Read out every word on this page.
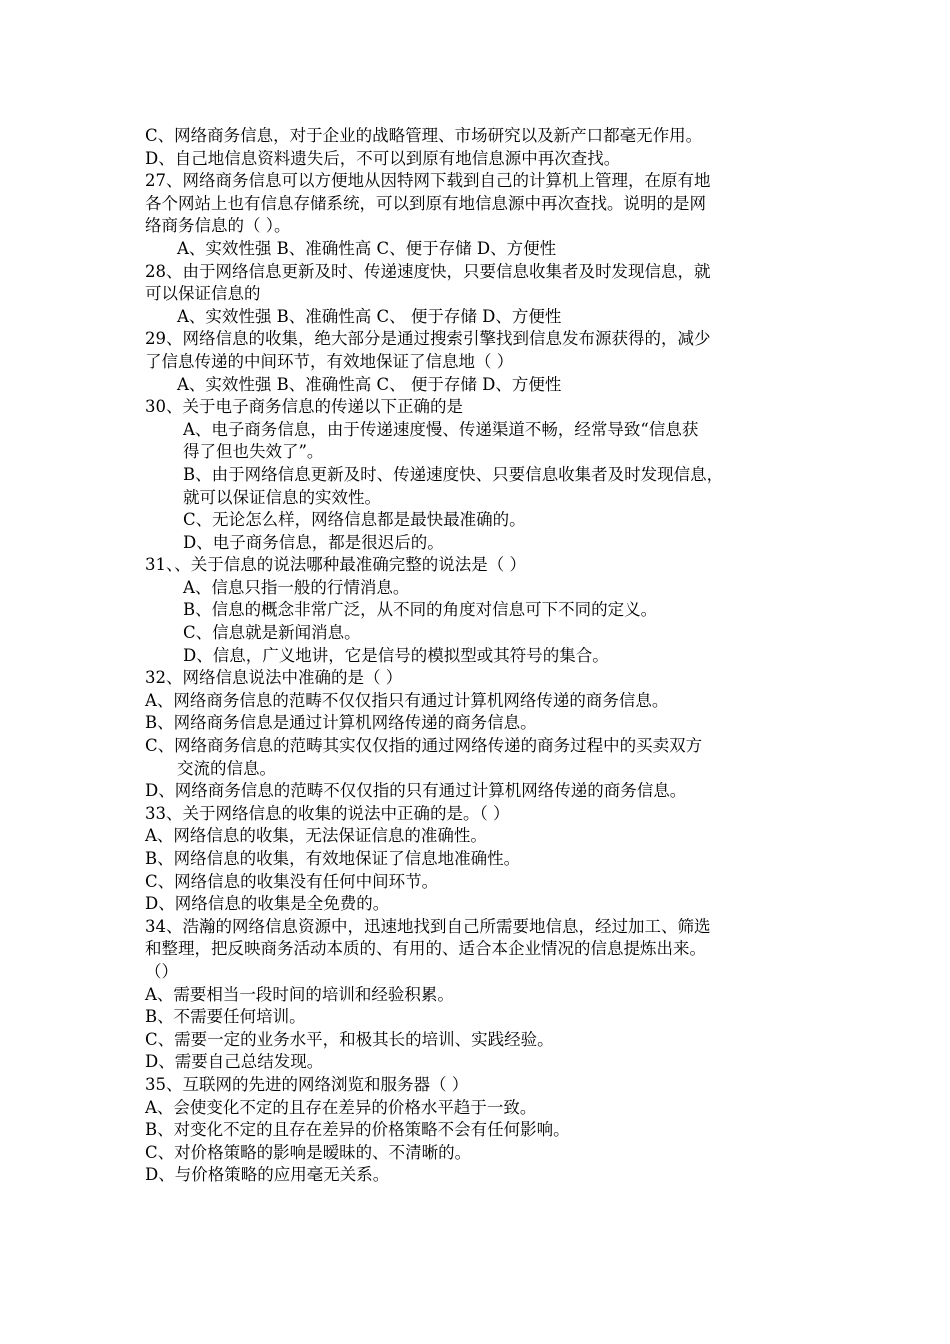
C、网络商务信息，对于企业的战略管理、市场研究以及新产口都毫无作用。
D、自己地信息资料遗失后，不可以到原有地信息源中再次查找。
27、网络商务信息可以方便地从因特网下载到自己的计算机上管理，在原有地
各个网站上也有信息存储系统，可以到原有地信息源中再次查找。说明的是网
络商务信息的（ ）。
A、实效性强 B、准确性高 C、便于存储 D、方便性
28、由于网络信息更新及时、传递速度快，只要信息收集者及时发现信息，就
可以保证信息的
A、实效性强 B、准确性高 C、 便于存储 D、方便性
29、网络信息的收集，绝大部分是通过搜索引擎找到信息发布源获得的，减少
了信息传递的中间环节，有效地保证了信息地（ ）
A、实效性强 B、准确性高 C、 便于存储 D、方便性
30、关于电子商务信息的传递以下正确的是
A、电子商务信息，由于传递速度慢、传递渠道不畅，经常导致“信息获
得了但也失效了”。
B、由于网络信息更新及时、传递速度快、只要信息收集者及时发现信息，
就可以保证信息的实效性。
C、无论怎么样，网络信息都是最快最准确的。
D、电子商务信息，都是很迟后的。
31、、关于信息的说法哪种最准确完整的说法是（ ）
A、信息只指一般的行情消息。
B、信息的概念非常广泛，从不同的角度对信息可下不同的定义。
C、信息就是新闻消息。
D、信息，广义地讲，它是信号的模拟型或其符号的集合。
32、网络信息说法中准确的是（ ）
A、网络商务信息的范畴不仅仅指只有通过计算机网络传递的商务信息。
B、网络商务信息是通过计算机网络传递的商务信息。
C、网络商务信息的范畴其实仅仅指的通过网络传递的商务过程中的买卖双方
交流的信息。
D、网络商务信息的范畴不仅仅指的只有通过计算机网络传递的商务信息。
33、关于网络信息的收集的说法中正确的是。（ ）
A、网络信息的收集，无法保证信息的准确性。
B、网络信息的收集，有效地保证了信息地准确性。
C、网络信息的收集没有任何中间环节。
D、网络信息的收集是全免费的。
34、浩瀚的网络信息资源中，迅速地找到自己所需要地信息，经过加工、筛选
和整理，把反映商务活动本质的、有用的、适合本企业情况的信息提炼出来。
（）
A、需要相当一段时间的培训和经验积累。
B、不需要任何培训。
C、需要一定的业务水平，和极其长的培训、实践经验。
D、需要自己总结发现。
35、互联网的先进的网络浏览和服务器（ ）
A、会使变化不定的且存在差异的价格水平趋于一致。
B、对变化不定的且存在差异的价格策略不会有任何影响。
C、对价格策略的影响是暧昧的、不清晰的。
D、与价格策略的应用毫无关系。
